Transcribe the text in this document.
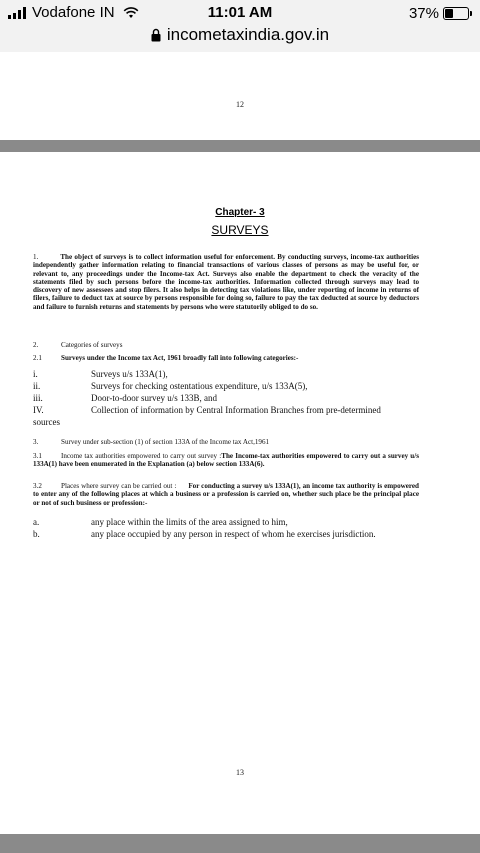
Vodafone IN	11:01 AM	37%
incometaxindia.gov.in
12
Chapter- 3
SURVEYS
1.	The object of surveys is to collect information useful for enforcement. By conducting surveys, income-tax authorities independently gather information relating to financial transactions of various classes of persons as may be useful for, or relevant to, any proceedings under the Income-tax Act. Surveys also enable the department to check the veracity of the statements filed by such persons before the income-tax authorities. Information collected through surveys may lead to discovery of new assessees and stop filers. It also helps in detecting tax violations like, under reporting of income in returns of filers, failure to deduct tax at source by persons responsible for doing so, failure to pay the tax deducted at source by deductors and failure to furnish returns and statements by persons who were statutorily obliged to do so.
2.	Categories of surveys
2.1	Surveys under the Income tax Act, 1961 broadly fall into following categories:-
i.	Surveys u/s 133A(1),
ii.	Surveys for checking ostentatious expenditure, u/s 133A(5),
iii.	Door-to-door survey u/s 133B, and
IV.	Collection of information by Central Information Branches from pre-determined
sources
3.	Survey under sub-section (1) of section 133A of the Income tax Act,1961
3.1	Income tax authorities empowered to carry out survey :The Income-tax authorities empowered to carry out a survey u/s 133A(1) have been enumerated in the Explanation (a) below section 133A(6).
3.2	Places where survey can be carried out : For conducting a survey u/s 133A(1), an income tax authority is empowered to enter any of the following places at which a business or a profession is carried on, whether such place be the principal place or not of such business or profession:-
a.	any place within the limits of the area assigned to him,
b.	any place occupied by any person in respect of whom he exercises jurisdiction.
13
